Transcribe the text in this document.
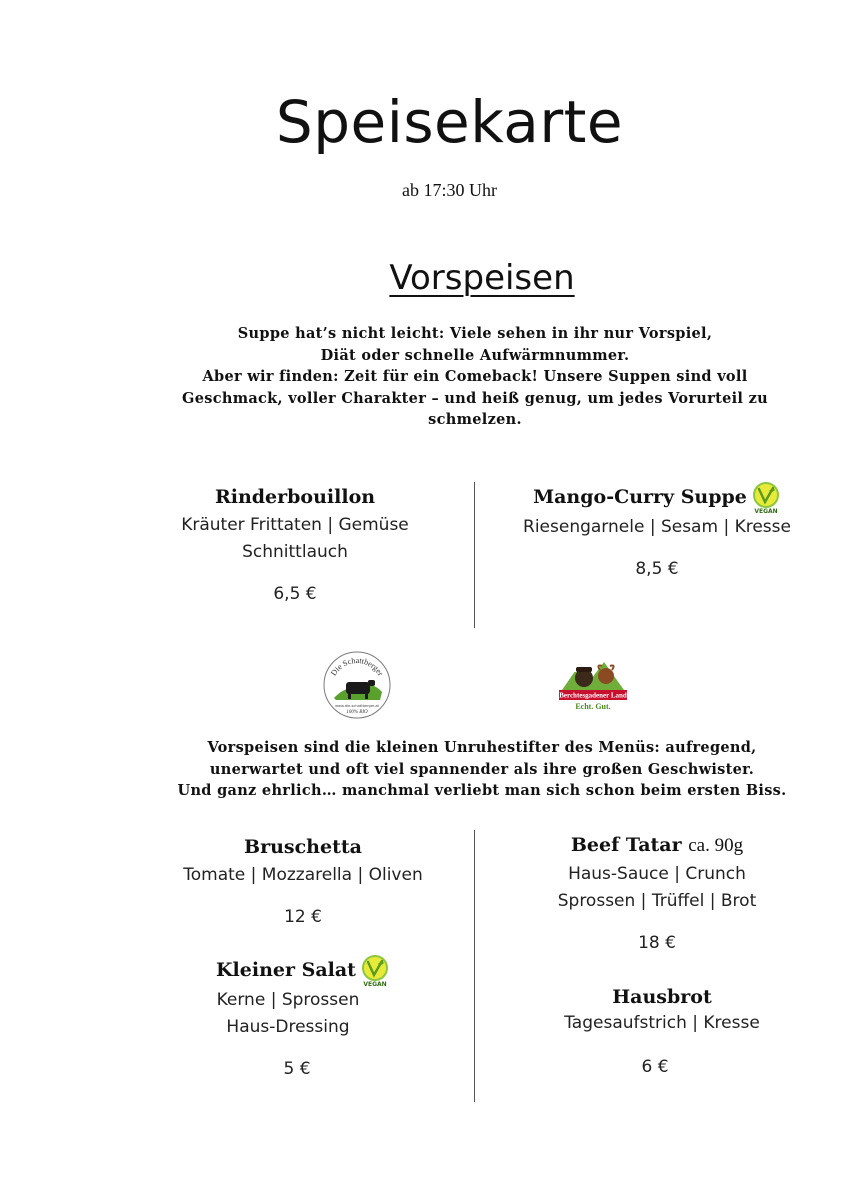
Speisekarte
ab 17:30 Uhr
Vorspeisen
Suppe hat’s nicht leicht: Viele sehen in ihr nur Vorspiel,
Diät oder schnelle Aufwärmnummer.
Aber wir finden: Zeit für ein Comeback! Unsere Suppen sind voll
Geschmack, voller Charakter – und heiß genug, um jedes Vorurteil zu
schmelzen.
Rinderbouillon
Kräuter Frittaten | Gemüse
Schnittlauch
6,5 €
Mango-Curry Suppe
VEGAN
Riesengarnele | Sesam | Kresse
8,5 €
Die Schattberger
www.die-schattberger.at
100% BIO
Berchtesgadener Land
Echt. Gut.
Vorspeisen sind die kleinen Unruhestifter des Menüs: aufregend,
unerwartet und oft viel spannender als ihre großen Geschwister.
Und ganz ehrlich… manchmal verliebt man sich schon beim ersten Biss.
Bruschetta
Tomate | Mozzarella | Oliven
12 €
Kleiner Salat
VEGAN
Kerne | Sprossen
Haus-Dressing
5 €
Beef Tatar ca. 90g
Haus-Sauce | Crunch
Sprossen | Trüffel | Brot
18 €
Hausbrot
Tagesaufstrich | Kresse
6 €
